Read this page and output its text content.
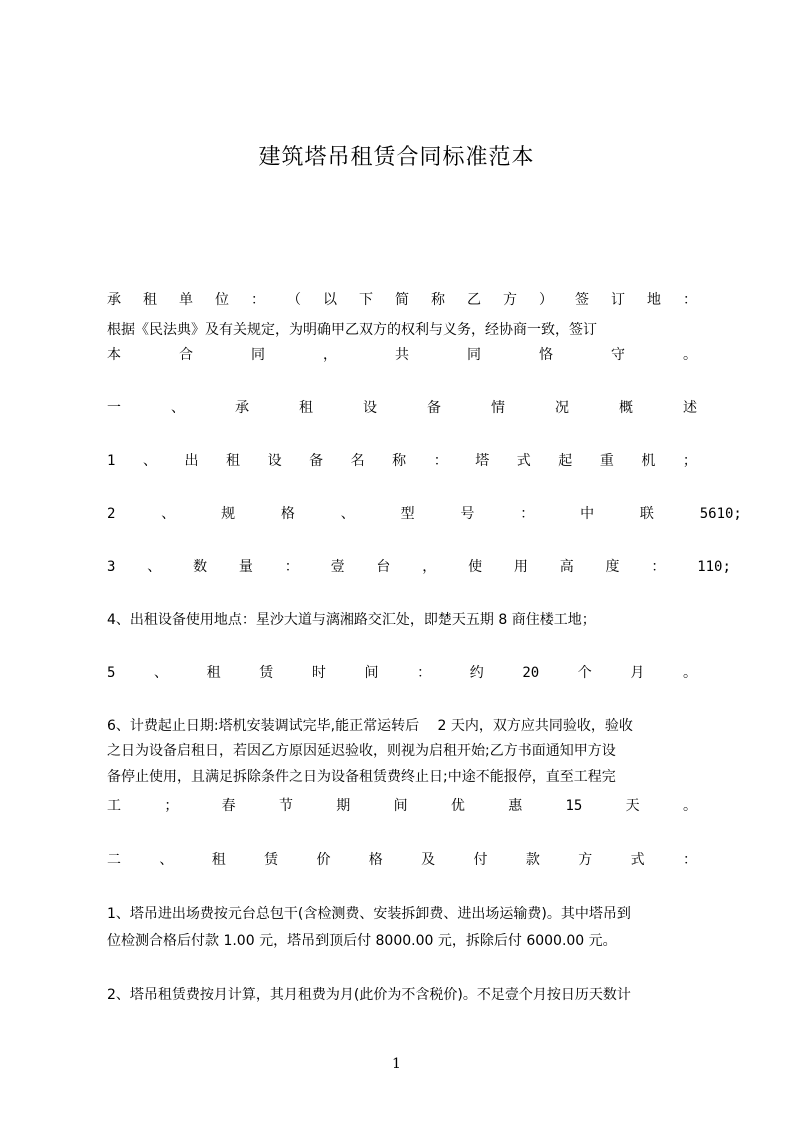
建筑塔吊租赁合同标准范本
承 租 单 位 ： （ 以 下 简 称 乙 方 ） 签 订 地 ：
根据《民法典》及有关规定，为明确甲乙双方的权利与义务，经协商一致，签订
本	合	同	，	共	同	恪	守	。
一	、	承	租	设	备	情	况	概	述
1 、 出 租 设 备 名 称 ： 塔 式 起 重 机 ；
2	、	规	格	、	型	号	：	中	联	5610;
3 、 数 量 ： 壹 台 ， 使 用 高 度 ： 110;
4、出租设备使用地点：星沙大道与漓湘路交汇处，即楚天五期 8 商住楼工地；
5	、	租	赁	时	间	：	约	20	个	月	。
6、计费起止日期:塔机安装调试完毕,能正常运转后　 2 天内，双方应共同验收，验收
之日为设备启租日，若因乙方原因延迟验收，则视为启租开始;乙方书面通知甲方设
备停止使用，且满足拆除条件之日为设备租赁费终止日;中途不能报停，直至工程完
工	；	春	节	期	间	优	惠	15	天	。
二	、	租	赁	价	格	及	付	款	方	式	：
1、塔吊进出场费按元台总包干(含检测费、安装拆卸费、进出场运输费)。其中塔吊到
位检测合格后付款 1.00 元，塔吊到顶后付 8000.00 元，拆除后付 6000.00 元。
2、塔吊租赁费按月计算，其月租费为月(此价为不含税价)。不足壹个月按日历天数计
1
